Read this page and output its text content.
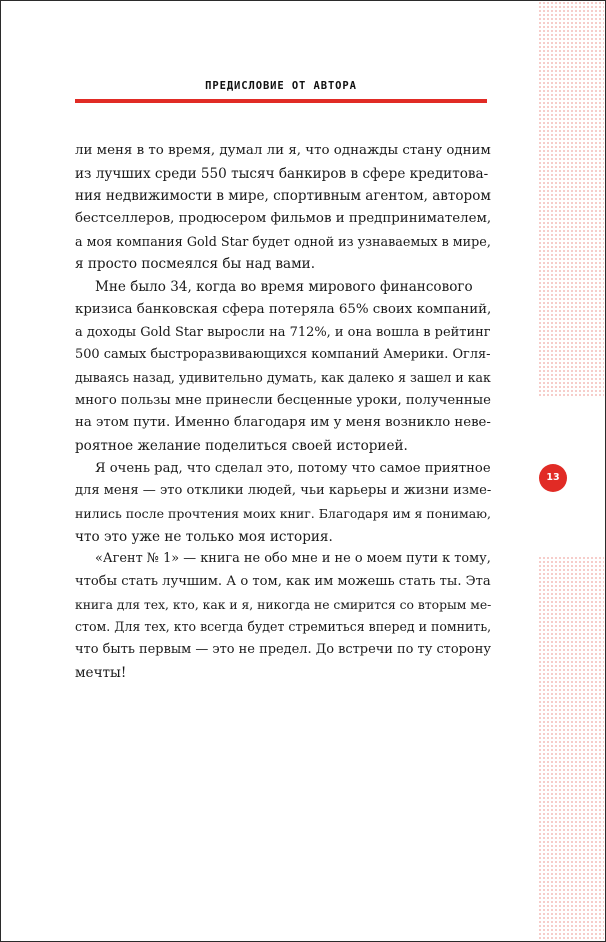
ПРЕДИСЛОВИЕ ОТ АВТОРА
13
ли меня в то время, думал ли я, что однажды стану одним
из лучших среди 550 тысяч банкиров в сфере кредитова-
ния недвижимости в мире, спортивным агентом, автором
бестселлеров, продюсером фильмов и предпринимателем,
а моя компания Gold Star будет одной из узнаваемых в мире,
я просто посмеялся бы над вами.
Мне было 34, когда во время мирового финансового
кризиса банковская сфера потеряла 65% своих компаний,
а доходы Gold Star выросли на 712%, и она вошла в рейтинг
500 самых быстроразвивающихся компаний Америки. Огля-
дываясь назад, удивительно думать, как далеко я зашел и как
много пользы мне принесли бесценные уроки, полученные
на этом пути. Именно благодаря им у меня возникло неве-
роятное желание поделиться своей историей.
Я очень рад, что сделал это, потому что самое приятное
для меня — это отклики людей, чьи карьеры и жизни изме-
нились после прочтения моих книг. Благодаря им я понимаю,
что это уже не только моя история.
«Агент № 1» — книга не обо мне и не о моем пути к тому,
чтобы стать лучшим. А о том, как им можешь стать ты. Эта
книга для тех, кто, как и я, никогда не смирится со вторым ме-
стом. Для тех, кто всегда будет стремиться вперед и помнить,
что быть первым — это не предел. До встречи по ту сторону
мечты!
